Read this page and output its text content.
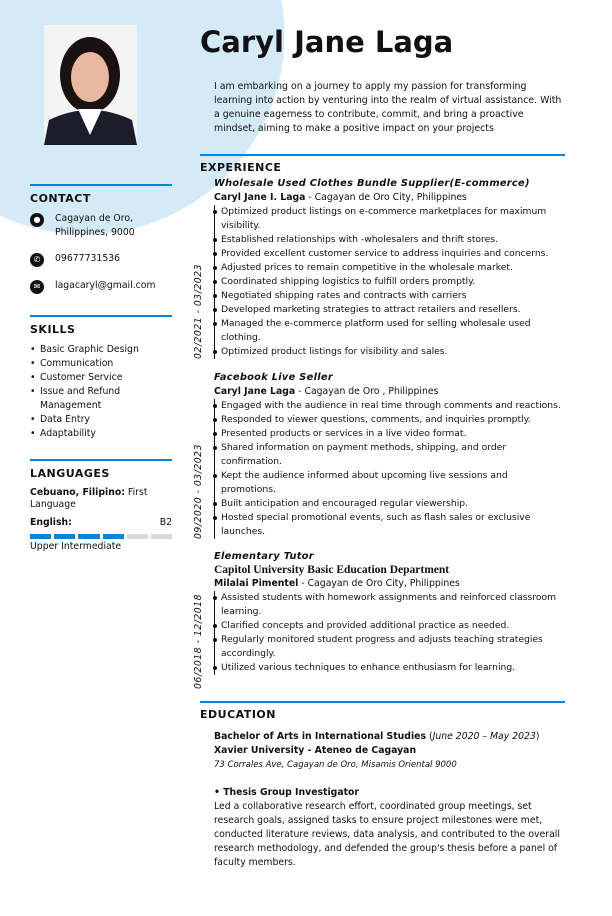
Caryl Jane Laga
I am embarking on a journey to apply my passion for transforming learning into action by venturing into the realm of virtual assistance. With a genuine eagerness to contribute, commit, and bring a proactive mindset, aiming to make a positive impact on your projects
CONTACT
●	Cagayan de Oro, Philippines, 9000
✆	09677731536
✉	lagacaryl@gmail.com
SKILLS
• Basic Graphic Design
• Communication
• Customer Service
• Issue and Refund Management
• Data Entry
• Adaptability
LANGUAGES
Cebuano, Filipino: First Language
English:	B2
Upper Intermediate
EXPERIENCE
Wholesale Used Clothes Bundle Supplier(E-commerce)
Caryl Jane I. Laga - Cagayan de Oro City, Philippines
02/2021 - 03/2023
Optimized product listings on e-commerce marketplaces for maximum visibility.
Established relationships with -wholesalers and thrift stores.
Provided excellent customer service to address inquiries and concerns.
Adjusted prices to remain competitive in the wholesale market.
Coordinated shipping logistics to fulfill orders promptly.
Negotiated shipping rates and contracts with carriers
Developed marketing strategies to attract retailers and resellers.
Managed the e-commerce platform used for selling wholesale used clothing.
Optimized product listings for visibility and sales.
Facebook Live Seller
Caryl Jane Laga - Cagayan de Oro , Philippines
09/2020 - 03/2023
Engaged with the audience in real time through comments and reactions.
Responded to viewer questions, comments, and inquiries promptly.
Presented products or services in a live video format.
Shared information on payment methods, shipping, and order confirmation.
Kept the audience informed about upcoming live sessions and promotions.
Built anticipation and encouraged regular viewership.
Hosted special promotional events, such as flash sales or exclusive launches.
Elementary Tutor
Capitol University Basic Education Department
Milalai Pimentel - Cagayan de Oro City, Philippines
06/2018 - 12/2018 Assisted students with homework assignments and reinforced classroom learning.
Clarified concepts and provided additional practice as needed.
Regularly monitored student progress and adjusts teaching strategies accordingly.
Utilized various techniques to enhance enthusiasm for learning.
EDUCATION
Bachelor of Arts in International Studies (June 2020 – May 2023)
Xavier University - Ateneo de Cagayan
73 Corrales Ave, Cagayan de Oro, Misamis Oriental 9000
• Thesis Group Investigator
Led a collaborative research effort, coordinated group meetings, set research goals, assigned tasks to ensure project milestones were met, conducted literature reviews, data analysis, and contributed to the overall research methodology, and defended the group's thesis before a panel of faculty members.
